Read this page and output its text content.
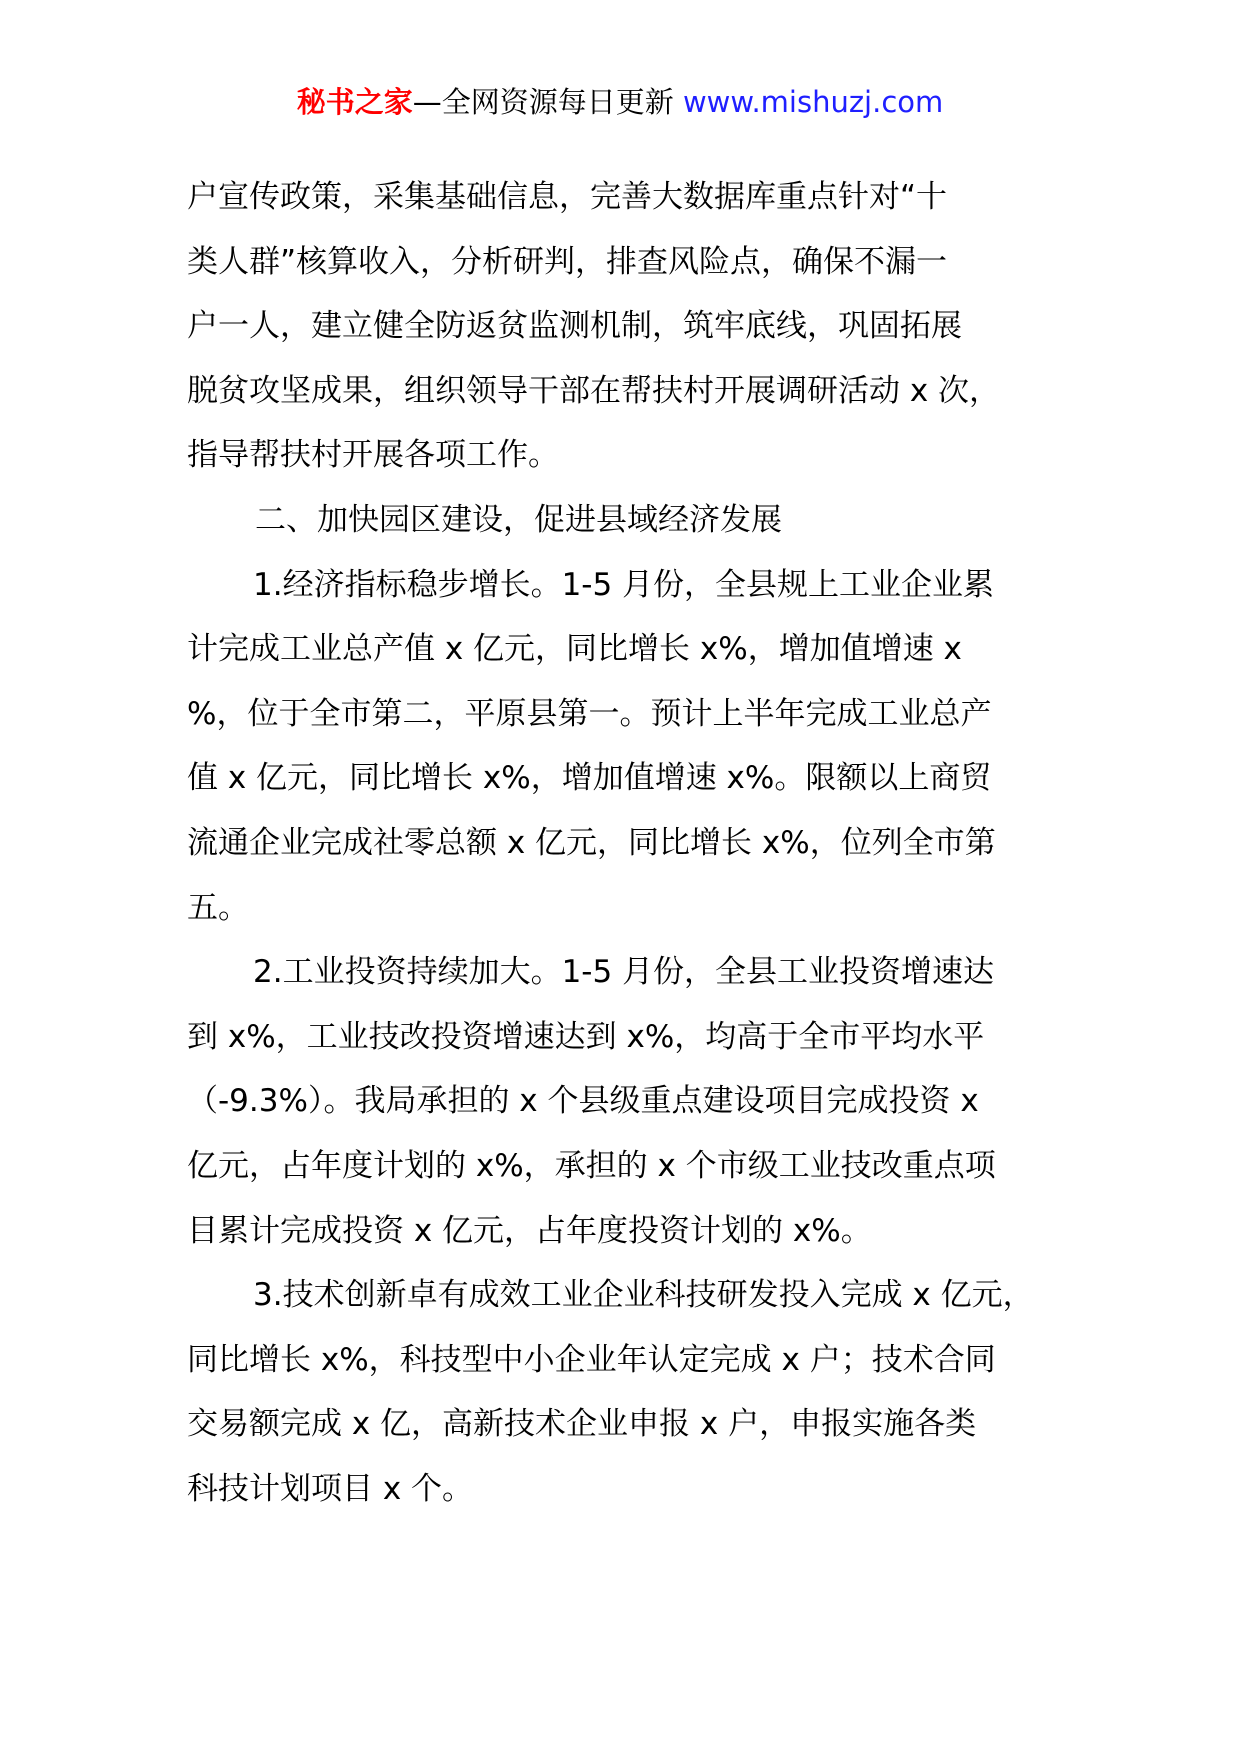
秘书之家—全网资源每日更新 www.mishuzj.com
户宣传政策，采集基础信息，完善大数据库重点针对“十
类人群”核算收入，分析研判，排查风险点，确保不漏一
户一人，建立健全防返贫监测机制，筑牢底线，巩固拓展
脱贫攻坚成果，组织领导干部在帮扶村开展调研活动 x 次，
指导帮扶村开展各项工作。
二、加快园区建设，促进县域经济发展
1.经济指标稳步增长。1-5 月份，全县规上工业企业累
计完成工业总产值 x 亿元，同比增长 x%，增加值增速 x
%，位于全市第二，平原县第一。预计上半年完成工业总产
值 x 亿元，同比增长 x%，增加值增速 x%。限额以上商贸
流通企业完成社零总额 x 亿元，同比增长 x%，位列全市第
五。
2.工业投资持续加大。1-5 月份，全县工业投资增速达
到 x%，工业技改投资增速达到 x%，均高于全市平均水平
（-9.3%）。我局承担的 x 个县级重点建设项目完成投资 x
亿元，占年度计划的 x%，承担的 x 个市级工业技改重点项
目累计完成投资 x 亿元，占年度投资计划的 x%。
3.技术创新卓有成效工业企业科技研发投入完成 x 亿元，
同比增长 x%，科技型中小企业年认定完成 x 户；技术合同
交易额完成 x 亿，高新技术企业申报 x 户，申报实施各类
科技计划项目 x 个。
